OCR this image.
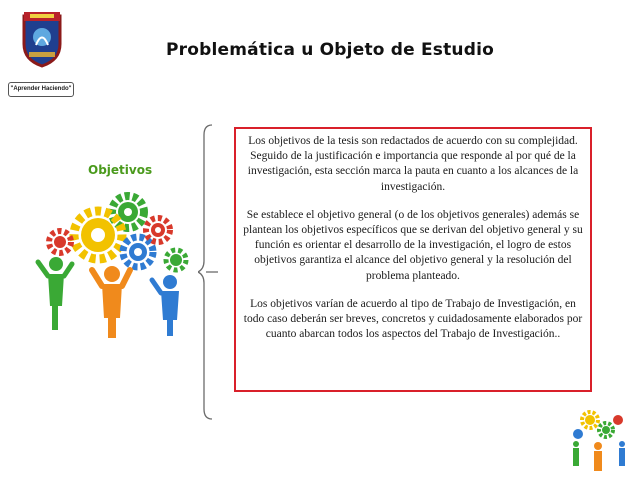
"Aprender Haciendo"
Problemática u Objeto de Estudio
Objetivos

Los objetivos de la tesis son redactados de acuerdo con su complejidad. Seguido de la justificación e importancia que responde al por qué de la investigación, esta sección marca la pauta en cuanto a los alcances de la investigación.

Se establece el objetivo general (o de los objetivos generales) además se plantean los objetivos específicos que se derivan del objetivo general y su función es orientar el desarrollo de la investigación, el logro de estos objetivos garantiza el alcance del objetivo general y la resolución del problema planteado.

Los objetivos varían de acuerdo al tipo de Trabajo de Investigación, en todo caso deberán ser breves, concretos y cuidadosamente elaborados por cuanto abarcan todos los aspectos del Trabajo de Investigación..
